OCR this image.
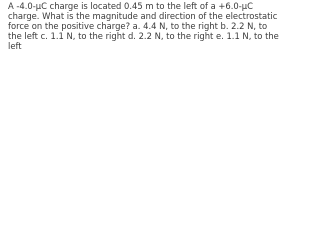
A -4.0-μC charge is located 0.45 m to the left of a +6.0-μC
charge. What is the magnitude and direction of the electrostatic
force on the positive charge? a. 4.4 N, to the right b. 2.2 N, to
the left c. 1.1 N, to the right d. 2.2 N, to the right e. 1.1 N, to the
left
